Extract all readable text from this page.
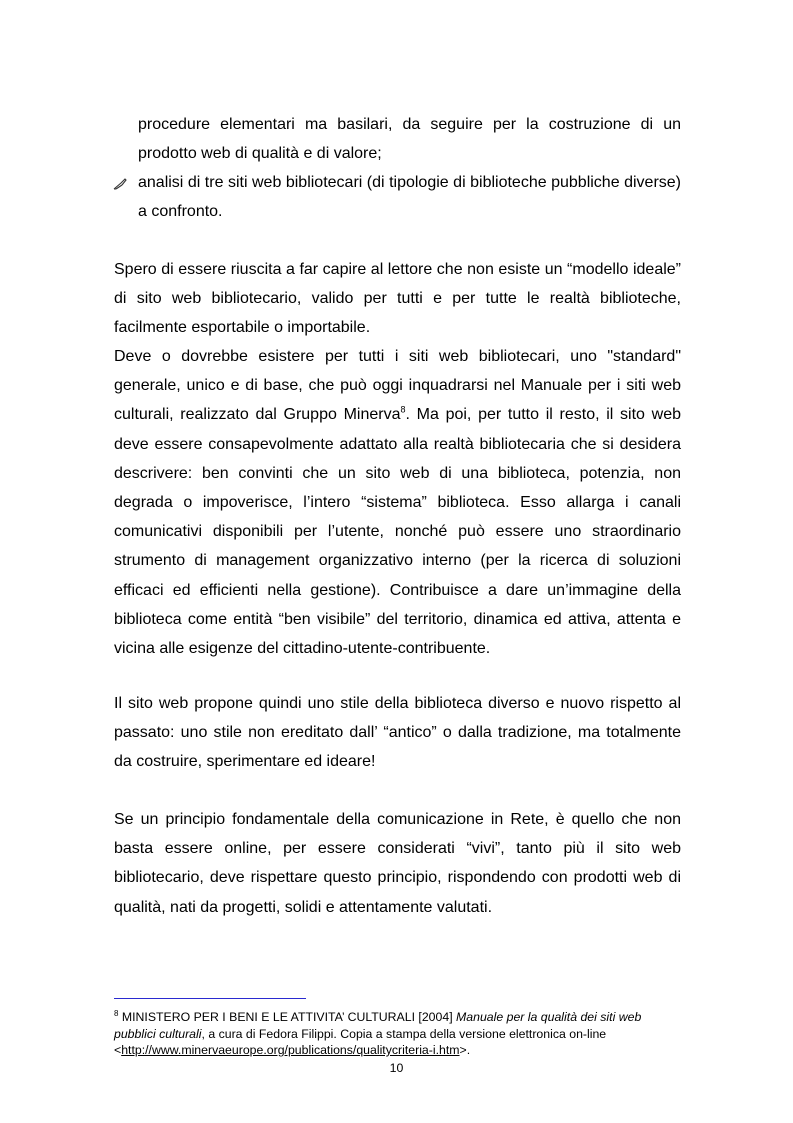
procedure elementari ma basilari, da seguire per la costruzione di un prodotto web di qualità e di valore;

analisi di tre siti web bibliotecari (di tipologie di biblioteche pubbliche diverse) a confronto.

Spero di essere riuscita a far capire al lettore che non esiste un “modello ideale” di sito web bibliotecario, valido per tutti e per tutte le realtà biblioteche, facilmente esportabile o importabile.

Deve o dovrebbe esistere per tutti i siti web bibliotecari, uno "standard" generale, unico e di base, che può oggi inquadrarsi nel Manuale per i siti web culturali, realizzato dal Gruppo Minerva$^8$. Ma poi, per tutto il resto, il sito web deve essere consapevolmente adattato alla realtà bibliotecaria che si desidera descrivere: ben convinti che un sito web di una biblioteca, potenzia, non degrada o impoverisce, l’intero “sistema” biblioteca. Esso allarga i canali comunicativi disponibili per l’utente, nonché può essere uno straordinario strumento di management organizzativo interno (per la ricerca di soluzioni efficaci ed efficienti nella gestione). Contribuisce a dare un’immagine della biblioteca come entità “ben visibile” del territorio, dinamica ed attiva, attenta e vicina alle esigenze del cittadino-utente-contribuente.

Il sito web propone quindi uno stile della biblioteca diverso e nuovo rispetto al passato: uno stile non ereditato dall’ “antico” o dalla tradizione, ma totalmente da costruire, sperimentare ed ideare!

Se un principio fondamentale della comunicazione in Rete, è quello che non basta essere online, per essere considerati “vivi”, tanto più il sito web bibliotecario, deve rispettare questo principio, rispondendo con prodotti web di qualità, nati da progetti, solidi e attentamente valutati.

$^8$ MINISTERO PER I BENI E LE ATTIVITA’ CULTURALI [2004] Manuale per la qualità dei siti web pubblici culturali, a cura di Fedora Filippi. Copia a stampa della versione elettronica on-line
<http://www.minervaeurope.org/publications/qualitycriteria-i.htm>.

10
